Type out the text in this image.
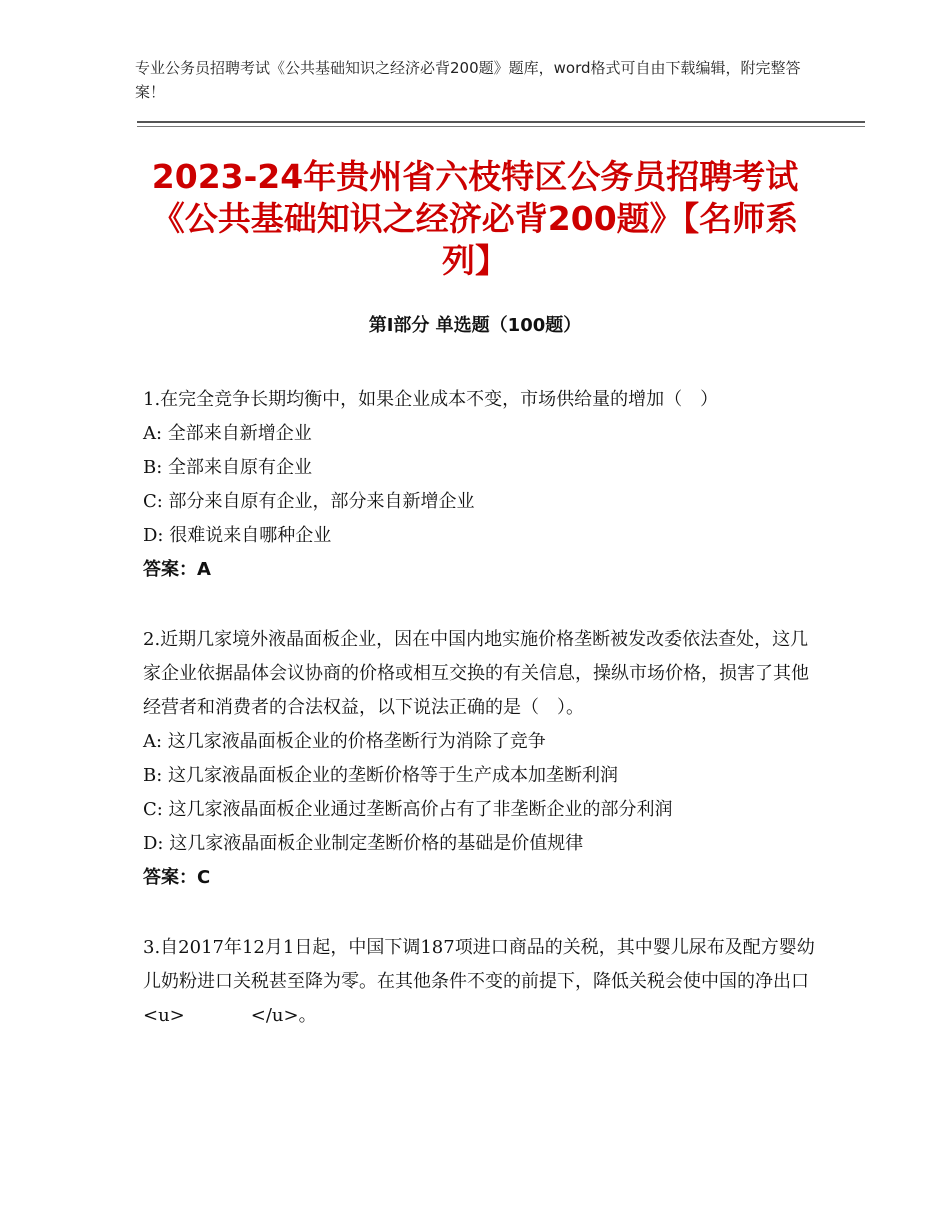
专业公务员招聘考试《公共基础知识之经济必背200题》题库，word格式可自由下载编辑，附完整答案！
2023-24年贵州省六枝特区公务员招聘考试《公共基础知识之经济必背200题》【名师系列】
第Ⅰ部分 单选题（100题）

1.在完全竞争长期均衡中，如果企业成本不变，市场供给量的增加（　）

A: 全部来自新增企业

B: 全部来自原有企业

C: 部分来自原有企业，部分来自新增企业

D: 很难说来自哪种企业

答案：A

2.近期几家境外液晶面板企业，因在中国内地实施价格垄断被发改委依法查处，这几家企业依据晶体会议协商的价格或相互交换的有关信息，操纵市场价格，损害了其他经营者和消费者的合法权益，以下说法正确的是（　）。

A: 这几家液晶面板企业的价格垄断行为消除了竞争

B: 这几家液晶面板企业的垄断价格等于生产成本加垄断利润

C: 这几家液晶面板企业通过垄断高价占有了非垄断企业的部分利润

D: 这几家液晶面板企业制定垄断价格的基础是价值规律

答案：C

3.自2017年12月1日起，中国下调187项进口商品的关税，其中婴儿尿布及配方婴幼儿奶粉进口关税甚至降为零。在其他条件不变的前提下，降低关税会使中国的净出口<u>	</u>。
